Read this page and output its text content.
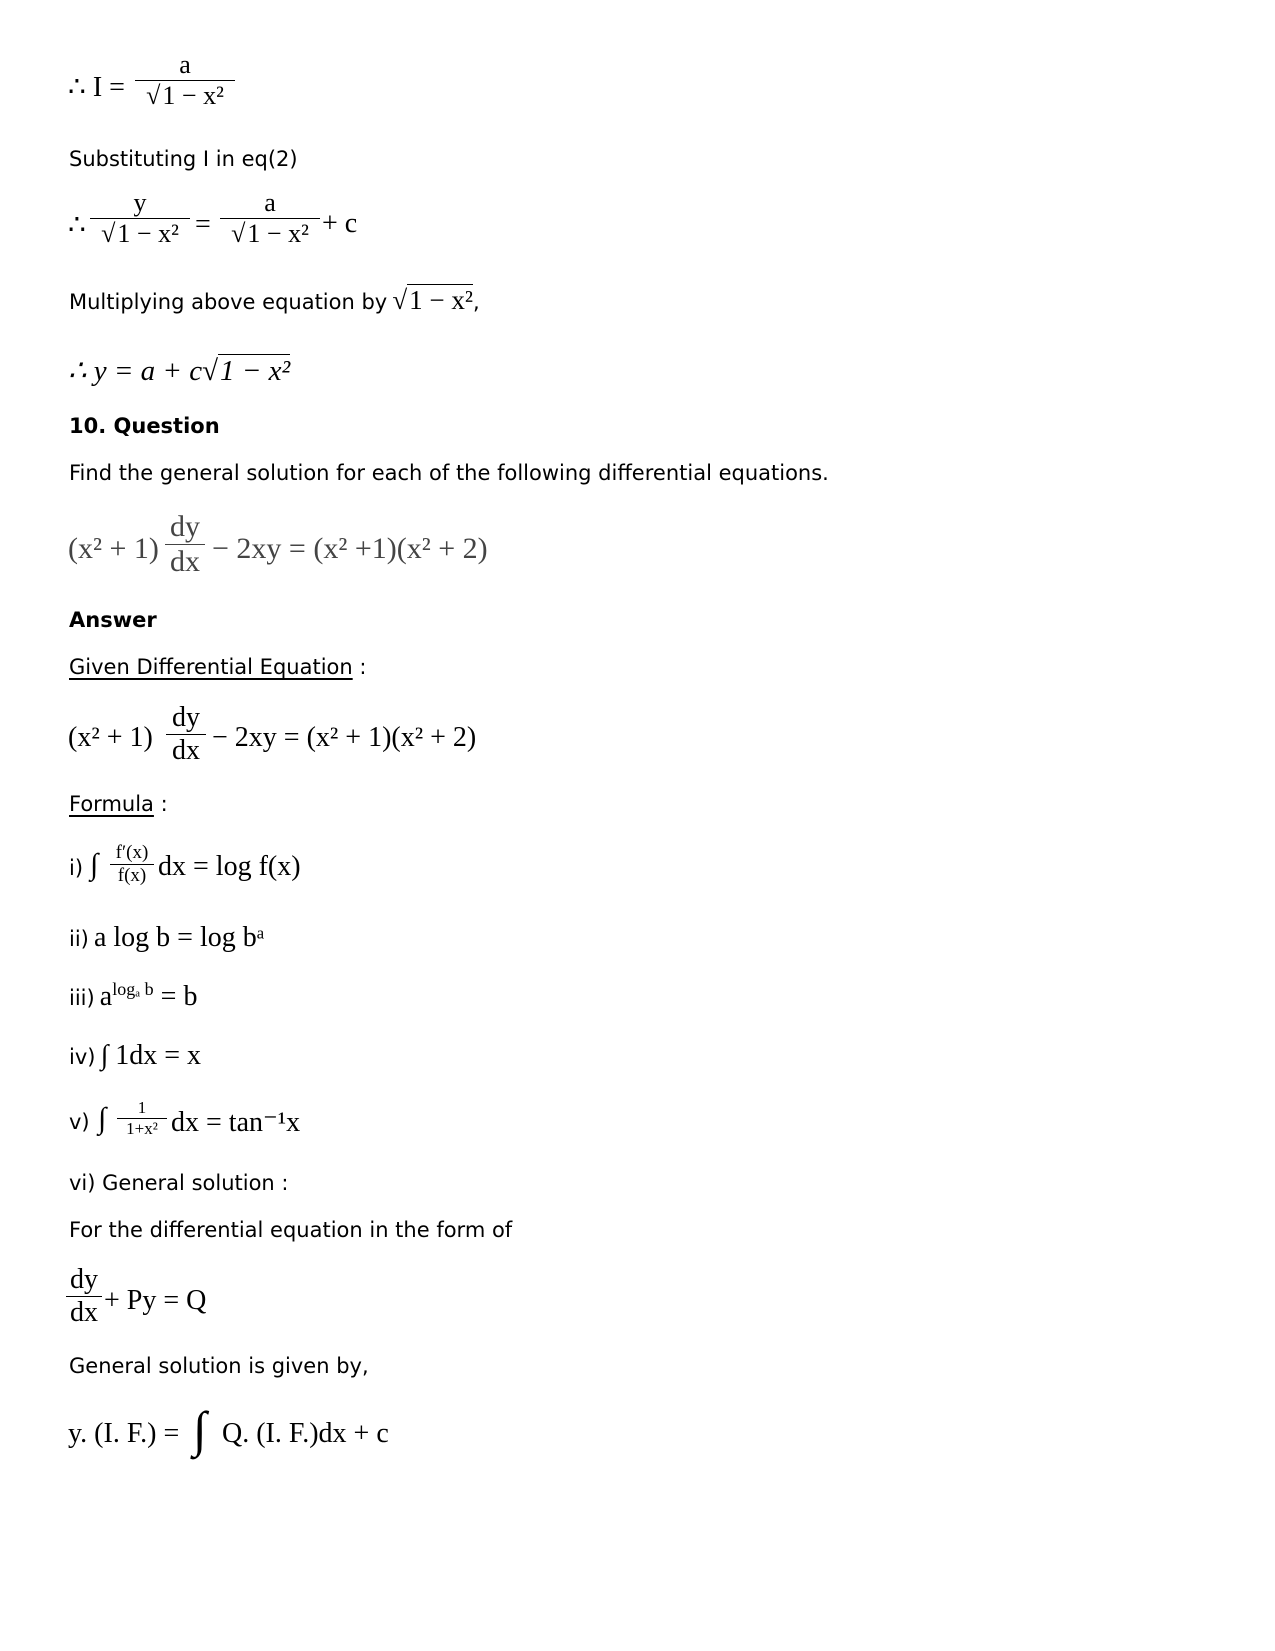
∴ I =
a
√1 − x²
Substituting I in eq(2)
∴
y
√1 − x² =
a
√1 − x² + c
Multiplying above equation by √1 − x²,
∴ y = a + c√1 − x²
10. Question
Find the general solution for each of the following differential equations.
(x² + 1)
dy
dx − 2xy = (x² +1)(x² + 2)
Answer
Given Differential Equation :
(x² + 1)
dy
dx − 2xy = (x² + 1)(x² + 2)
Formula :
i) ∫ f′(x)
f(x) dx = log f(x)
ii) a log b = log bᵃ
iii) $a^{log_a b} = b$
iv) ∫ 1dx = x
v) ∫	1
1+x² dx = tan⁻¹x
vi) General solution :
For the differential equation in the form of
dy
dx + Py = Q
General solution is given by,
y. (I. F.) = ∫ Q. (I. F.)dx + c
